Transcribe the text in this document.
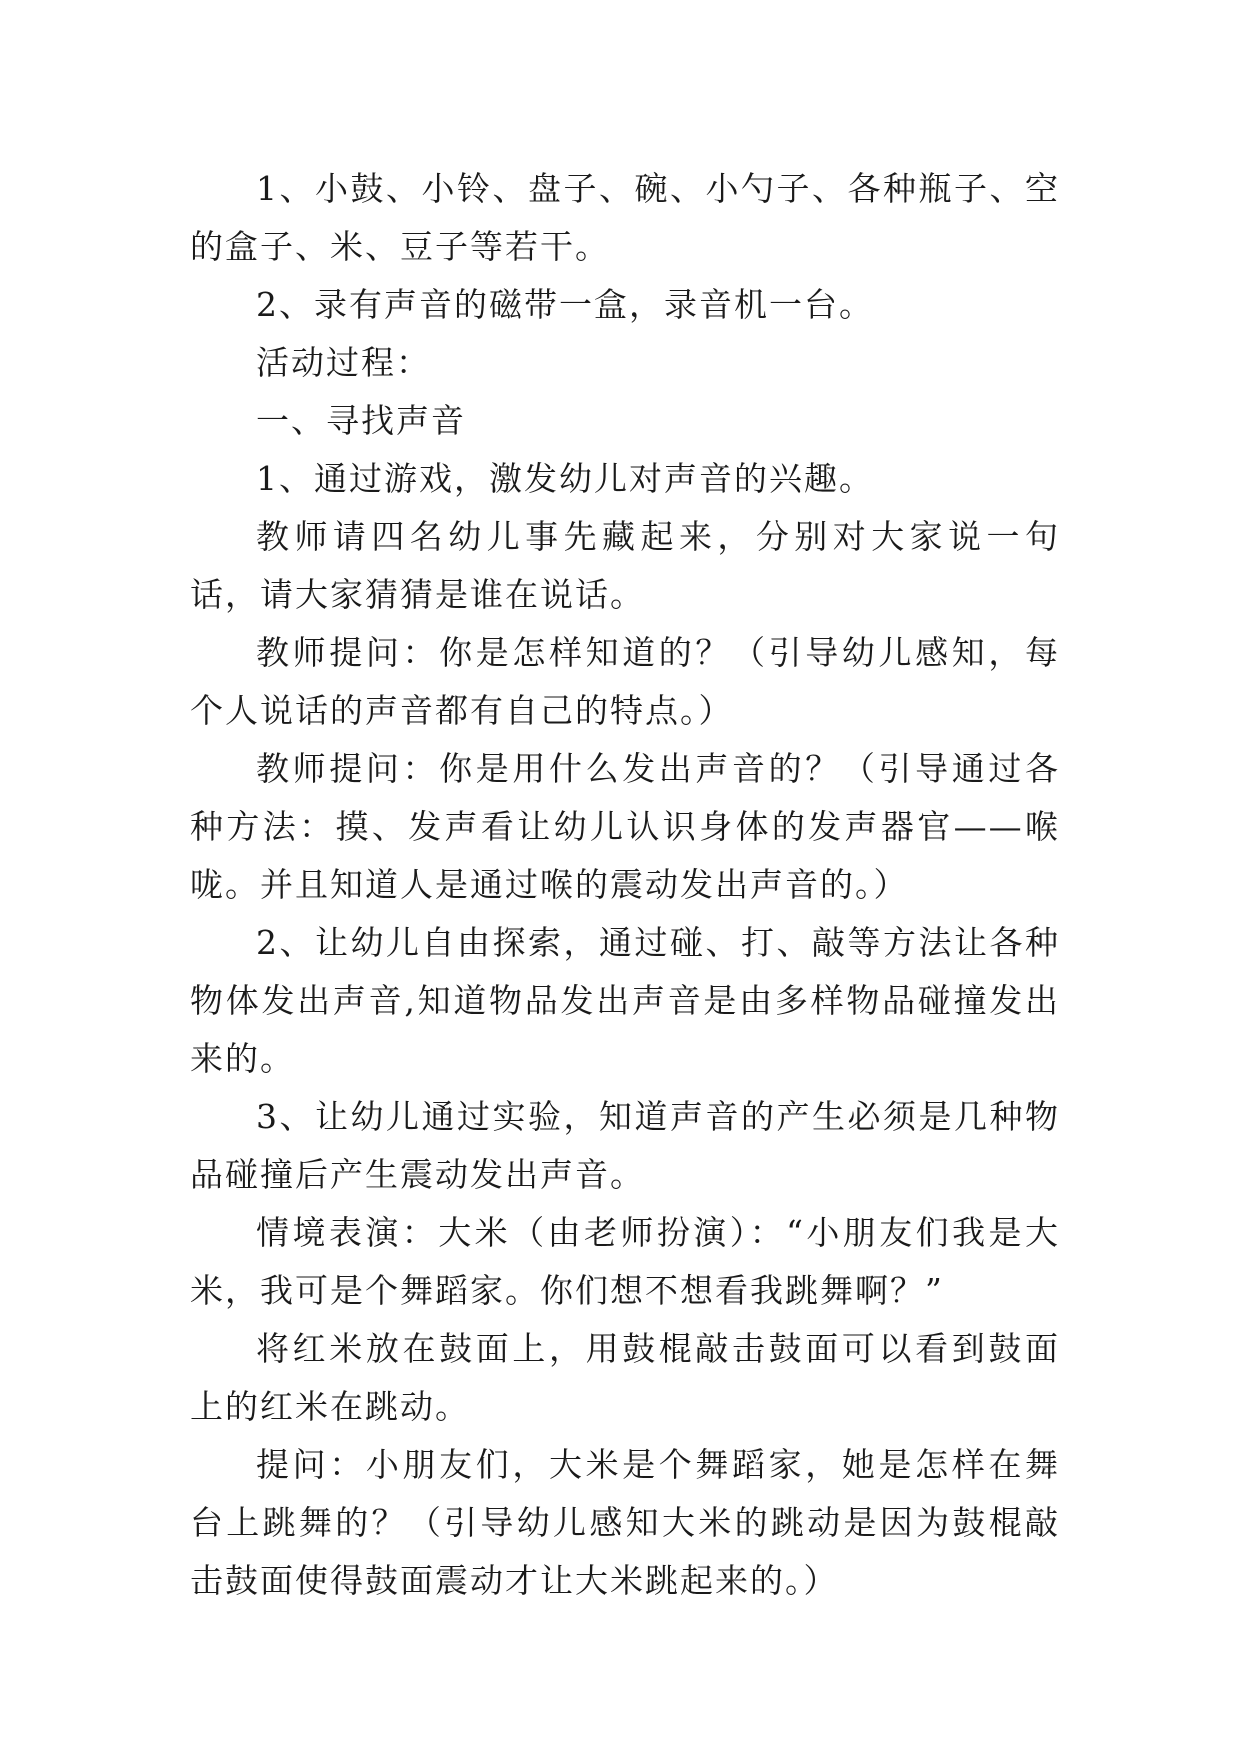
1、小鼓、小铃、盘子、碗、小勺子、各种瓶子、空的盒子、米、豆子等若干。

2、录有声音的磁带一盒，录音机一台。

活动过程：

一、寻找声音

1、通过游戏，激发幼儿对声音的兴趣。

教师请四名幼儿事先藏起来，分别对大家说一句话，请大家猜猜是谁在说话。

教师提问：你是怎样知道的？（引导幼儿感知，每个人说话的声音都有自己的特点。）

教师提问：你是用什么发出声音的？（引导通过各种方法：摸、发声看让幼儿认识身体的发声器官——喉咙。并且知道人是通过喉的震动发出声音的。）

2、让幼儿自由探索，通过碰、打、敲等方法让各种物体发出声音,知道物品发出声音是由多样物品碰撞发出来的。

3、让幼儿通过实验，知道声音的产生必须是几种物品碰撞后产生震动发出声音。

情境表演：大米（由老师扮演）：“小朋友们我是大米，我可是个舞蹈家。你们想不想看我跳舞啊？”

将红米放在鼓面上，用鼓棍敲击鼓面可以看到鼓面上的红米在跳动。

提问：小朋友们，大米是个舞蹈家，她是怎样在舞台上跳舞的？（引导幼儿感知大米的跳动是因为鼓棍敲击鼓面使得鼓面震动才让大米跳起来的。）
